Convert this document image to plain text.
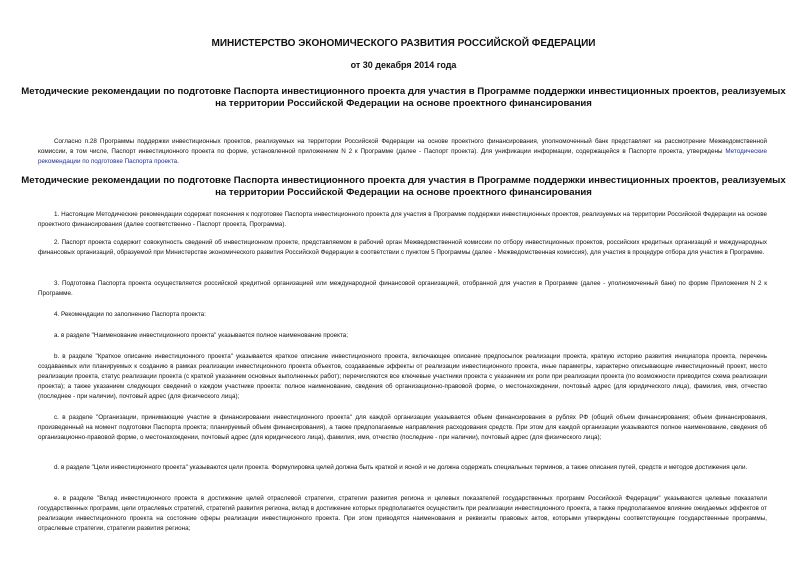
МИНИСТЕРСТВО ЭКОНОМИЧЕСКОГО РАЗВИТИЯ РОССИЙСКОЙ ФЕДЕРАЦИИ
от 30 декабря 2014 года
Методические рекомендации по подготовке Паспорта инвестиционного проекта для участия в Программе поддержки инвестиционных проектов, реализуемых на территории Российской Федерации на основе проектного финансирования

Согласно п.28 Программы поддержки инвестиционных проектов, реализуемых на территории Российской Федерации на основе проектного финансирования, уполномоченный банк представляет на рассмотрение Межведомственной комиссии, в том числе, Паспорт инвестиционного проекта по форме, установленной приложением N 2 к Программе (далее - Паспорт проекта). Для унификации информации, содержащейся в Паспорте проекта, утверждены Методические рекомендации по подготовке Паспорта проекта.

Методические рекомендации по подготовке Паспорта инвестиционного проекта для участия в Программе поддержки инвестиционных проектов, реализуемых на территории Российской Федерации на основе проектного финансирования

1. Настоящие Методические рекомендации содержат пояснения к подготовке Паспорта инвестиционного проекта для участия в Программе поддержки инвестиционных проектов, реализуемых на территории Российской Федерации на основе проектного финансирования (далее соответственно - Паспорт проекта, Программа).

2. Паспорт проекта содержит совокупность сведений об инвестиционном проекте, представляемом в рабочий орган Межведомственной комиссии по отбору инвестиционных проектов, российских кредитных организаций и международных финансовых организаций, образуемой при Министерстве экономического развития Российской Федерации в соответствии с пунктом 5 Программы (далее - Межведомственная комиссия), для участия в процедуре отбора для участия в Программе.

3. Подготовка Паспорта проекта осуществляется российской кредитной организацией или международной финансовой организацией, отобранной для участия в Программе (далее - уполномоченный банк) по форме Приложения N 2 к Программе.

4. Рекомендации по заполнению Паспорта проекта:

а. в разделе "Наименование инвестиционного проекта" указывается полное наименование проекта;

b. в разделе "Краткое описание инвестиционного проекта" указывается краткое описание инвестиционного проекта, включающее описание предпосылок реализации проекта, краткую историю развития инициатора проекта, перечень создаваемых или планируемых к созданию в рамках реализации инвестиционного проекта объектов, создаваемые эффекты от реализации инвестиционного проекта, иные параметры, характерно описывающие инвестиционный проект, место реализации проекта, статус реализации проекта (с краткой указанием основных выполненных работ); перечисляются все ключевые участники проекта с указанием их роли при реализации проекта (по возможности приводится схема реализации проекта); а также указанием следующих сведений о каждом участнике проекта: полное наименование, сведения об организационно-правовой форме, о местонахождении, почтовый адрес (для юридического лица), фамилия, имя, отчество (последнее - при наличии), почтовый адрес (для физического лица);

c. в разделе "Организации, принимающие участие в финансировании инвестиционного проекта" для каждой организации указывается объем финансирования в рублях РФ (общий объем финансирования; объем финансирования, произведенный на момент подготовки Паспорта проекта; планируемый объем финансирования), а также предполагаемые направления расходования средств. При этом для каждой организации указываются полное наименование, сведения об организационно-правовой форме, о местонахождении, почтовый адрес (для юридического лица), фамилия, имя, отчество (последние - при наличии), почтовый адрес (для физического лица);

d. в разделе "Цели инвестиционного проекта" указываются цели проекта. Формулировка целей должна быть краткой и ясной и не должна содержать специальных терминов, а также описания путей, средств и методов достижения цели.

e. в разделе "Вклад инвестиционного проекта в достижение целей отраслевой стратегии, стратегии развития региона и целевых показателей государственных программ Российской Федерации" указываются целевые показатели государственных программ, цели отраслевых стратегий, стратегий развития региона, вклад в достижение которых предполагается осуществить при реализации инвестиционного проекта, а также предполагаемое влияние ожидаемых эффектов от реализации инвестиционного проекта на состояние сферы реализации инвестиционного проекта. При этом приводятся наименования и реквизиты правовых актов, которыми утверждены соответствующие государственные программы, отраслевые стратегии, стратегии развития региона;
